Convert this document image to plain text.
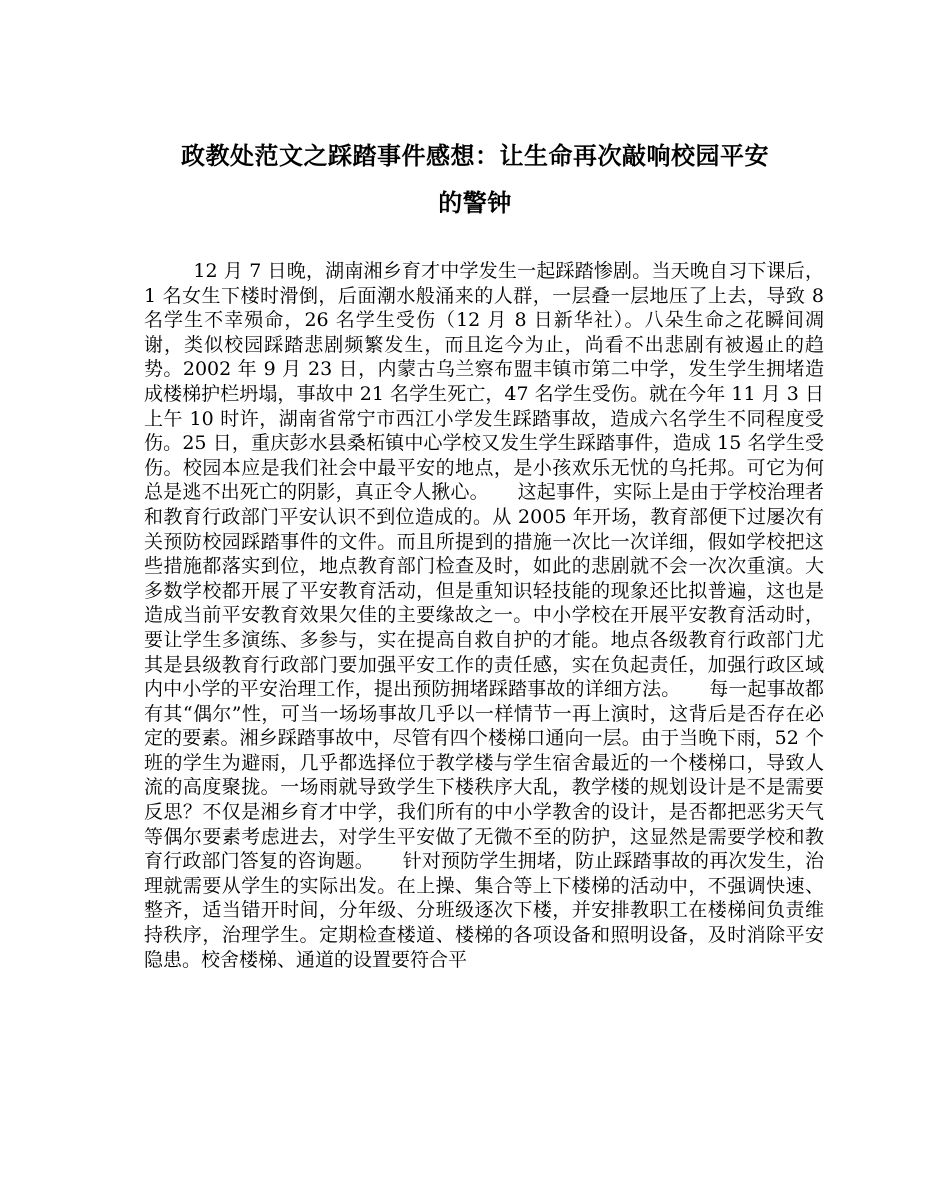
政教处范文之踩踏事件感想：让生命再次敲响校园平安
的警钟

12 月 7 日晚，湖南湘乡育才中学发生一起踩踏惨剧。当天晚自习下课后，1 名女生下楼时滑倒，后面潮水般涌来的人群，一层叠一层地压了上去，导致 8 名学生不幸殒命，26 名学生受伤（12 月 8 日新华社）。八朵生命之花瞬间凋谢，类似校园踩踏悲剧频繁发生，而且迄今为止，尚看不出悲剧有被遏止的趋势。2002 年 9 月 23 日，内蒙古乌兰察布盟丰镇市第二中学，发生学生拥堵造成楼梯护栏坍塌，事故中 21 名学生死亡，47 名学生受伤。就在今年 11 月 3 日上午 10 时许，湖南省常宁市西江小学发生踩踏事故，造成六名学生不同程度受伤。25 日，重庆彭水县桑柘镇中心学校又发生学生踩踏事件，造成 15 名学生受伤。校园本应是我们社会中最平安的地点，是小孩欢乐无忧的乌托邦。可它为何总是逃不出死亡的阴影，真正令人揪心。　　这起事件，实际上是由于学校治理者和教育行政部门平安认识不到位造成的。从 2005 年开场，教育部便下过屡次有关预防校园踩踏事件的文件。而且所提到的措施一次比一次详细，假如学校把这些措施都落实到位，地点教育部门检查及时，如此的悲剧就不会一次次重演。大多数学校都开展了平安教育活动，但是重知识轻技能的现象还比拟普遍，这也是造成当前平安教育效果欠佳的主要缘故之一。中小学校在开展平安教育活动时，要让学生多演练、多参与，实在提高自救自护的才能。地点各级教育行政部门尤其是县级教育行政部门要加强平安工作的责任感，实在负起责任，加强行政区域内中小学的平安治理工作，提出预防拥堵踩踏事故的详细方法。　　每一起事故都有其“偶尔”性，可当一场场事故几乎以一样情节一再上演时，这背后是否存在必定的要素。湘乡踩踏事故中，尽管有四个楼梯口通向一层。由于当晚下雨，52 个班的学生为避雨，几乎都选择位于教学楼与学生宿舍最近的一个楼梯口，导致人流的高度聚拢。一场雨就导致学生下楼秩序大乱，教学楼的规划设计是不是需要反思？不仅是湘乡育才中学，我们所有的中小学教舍的设计，是否都把恶劣天气等偶尔要素考虑进去，对学生平安做了无微不至的防护，这显然是需要学校和教育行政部门答复的咨询题。　　针对预防学生拥堵，防止踩踏事故的再次发生，治理就需要从学生的实际出发。在上操、集合等上下楼梯的活动中，不强调快速、整齐，适当错开时间，分年级、分班级逐次下楼，并安排教职工在楼梯间负责维持秩序，治理学生。定期检查楼道、楼梯的各项设备和照明设备，及时消除平安隐患。校舍楼梯、通道的设置要符合平
